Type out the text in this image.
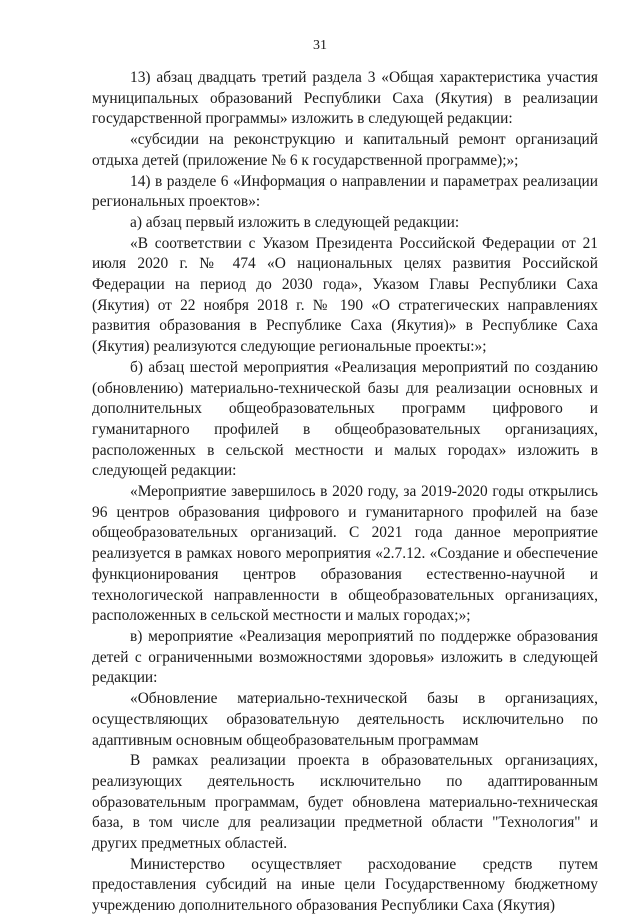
31

13) абзац двадцать третий раздела 3 «Общая характеристика участия муниципальных образований Республики Саха (Якутия) в реализации государственной программы» изложить в следующей редакции:

«субсидии на реконструкцию и капитальный ремонт организаций отдыха детей (приложение № 6 к государственной программе);»;

14) в разделе 6 «Информация о направлении и параметрах реализации региональных проектов»:

а) абзац первый изложить в следующей редакции:

«В соответствии с Указом Президента Российской Федерации от 21 июля 2020 г. № 474 «О национальных целях развития Российской Федерации на период до 2030 года», Указом Главы Республики Саха (Якутия) от 22 ноября 2018 г. № 190 «О стратегических направлениях развития образования в Республике Саха (Якутия)» в Республике Саха (Якутия) реализуются следующие региональные проекты:»;

б) абзац шестой мероприятия «Реализация мероприятий по созданию (обновлению) материально-технической базы для реализации основных и дополнительных общеобразовательных программ цифрового и гуманитарного профилей в общеобразовательных организациях, расположенных в сельской местности и малых городах» изложить в следующей редакции:

«Мероприятие завершилось в 2020 году, за 2019-2020 годы открылись 96 центров образования цифрового и гуманитарного профилей на базе общеобразовательных организаций. С 2021 года данное мероприятие реализуется в рамках нового мероприятия «2.7.12. «Создание и обеспечение функционирования центров образования естественно-научной и технологической направленности в общеобразовательных организациях, расположенных в сельской местности и малых городах;»;

в) мероприятие «Реализация мероприятий по поддержке образования детей с ограниченными возможностями здоровья» изложить в следующей редакции:

«Обновление материально-технической базы в организациях, осуществляющих образовательную деятельность исключительно по адаптивным основным общеобразовательным программам

В рамках реализации проекта в образовательных организациях, реализующих деятельность исключительно по адаптированным образовательным программам, будет обновлена материально-техническая база, в том числе для реализации предметной области "Технология" и других предметных областей.

Министерство осуществляет расходование средств путем предоставления субсидий на иные цели Государственному бюджетному учреждению дополнительного образования Республики Саха (Якутия)
